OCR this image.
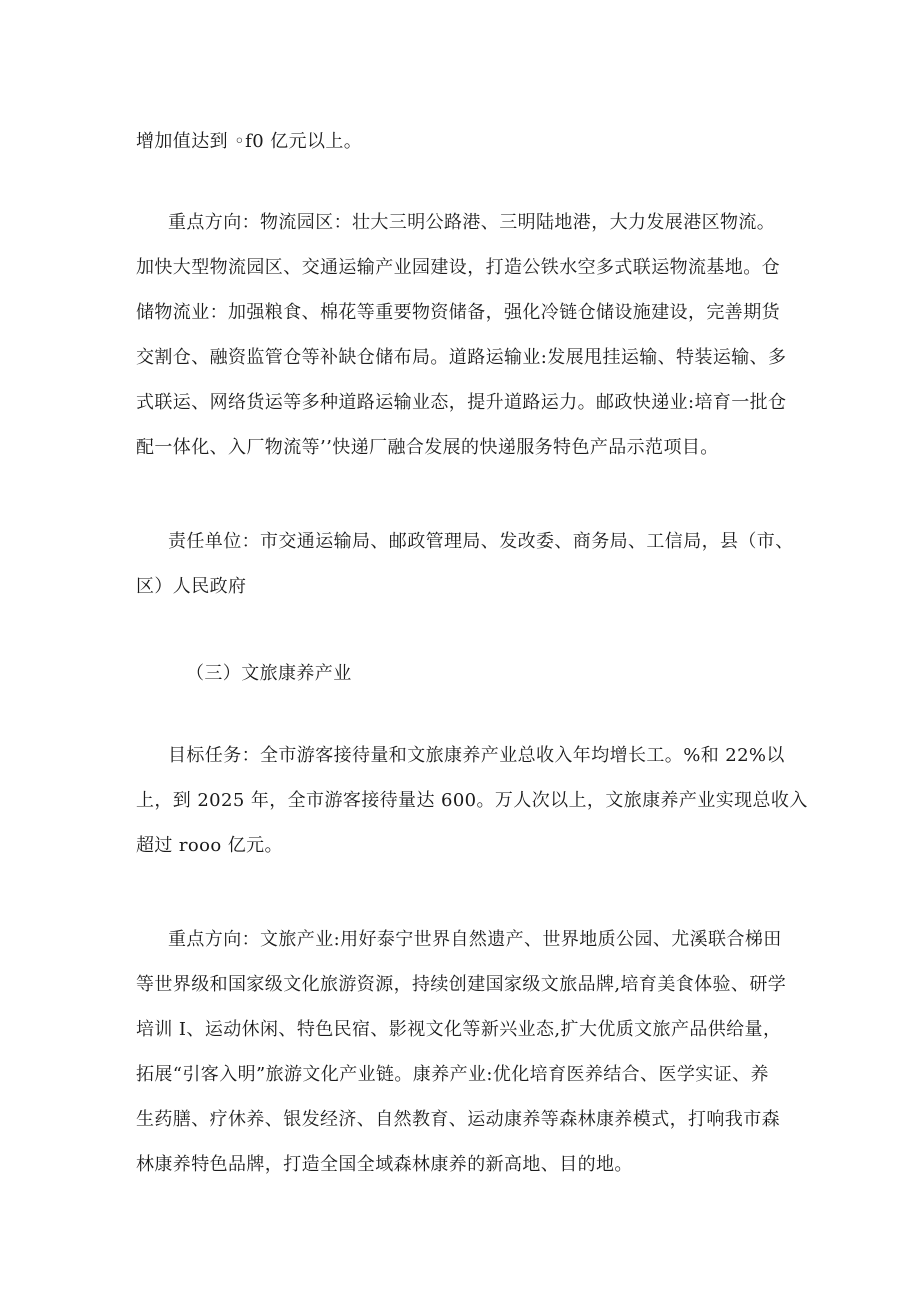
增加值达到 ◦f0 亿元以上。
重点方向：物流园区：壮大三明公路港、三明陆地港，大力发展港区物流。
加快大型物流园区、交通运输产业园建设，打造公铁水空多式联运物流基地。仓
储物流业：加强粮食、棉花等重要物资储备，强化冷链仓储设施建设，完善期货
交割仓、融资监管仓等补缺仓储布局。道路运输业:发展甩挂运输、特装运输、多
式联运、网络货运等多种道路运输业态，提升道路运力。邮政快递业:培育一批仓
配一体化、入厂物流等’’快递厂融合发展的快递服务特色产品示范项目。
责任单位：市交通运输局、邮政管理局、发改委、商务局、工信局，县（市、
区）人民政府
（三）文旅康养产业
目标任务：全市游客接待量和文旅康养产业总收入年均增长工。%和 22%以
上，到 2025 年，全市游客接待量达 600。万人次以上，文旅康养产业实现总收入
超过 rooo 亿元。
重点方向：文旅产业:用好泰宁世界自然遗产、世界地质公园、尤溪联合梯田
等世界级和国家级文化旅游资源，持续创建国家级文旅品牌,培育美食体验、研学
培训 I、运动休闲、特色民宿、影视文化等新兴业态,扩大优质文旅产品供给量，
拓展“引客入明”旅游文化产业链。康养产业:优化培育医养结合、医学实证、养
生药膳、疗休养、银发经济、自然教育、运动康养等森林康养模式，打响我市森
林康养特色品牌，打造全国全域森林康养的新高地、目的地。
